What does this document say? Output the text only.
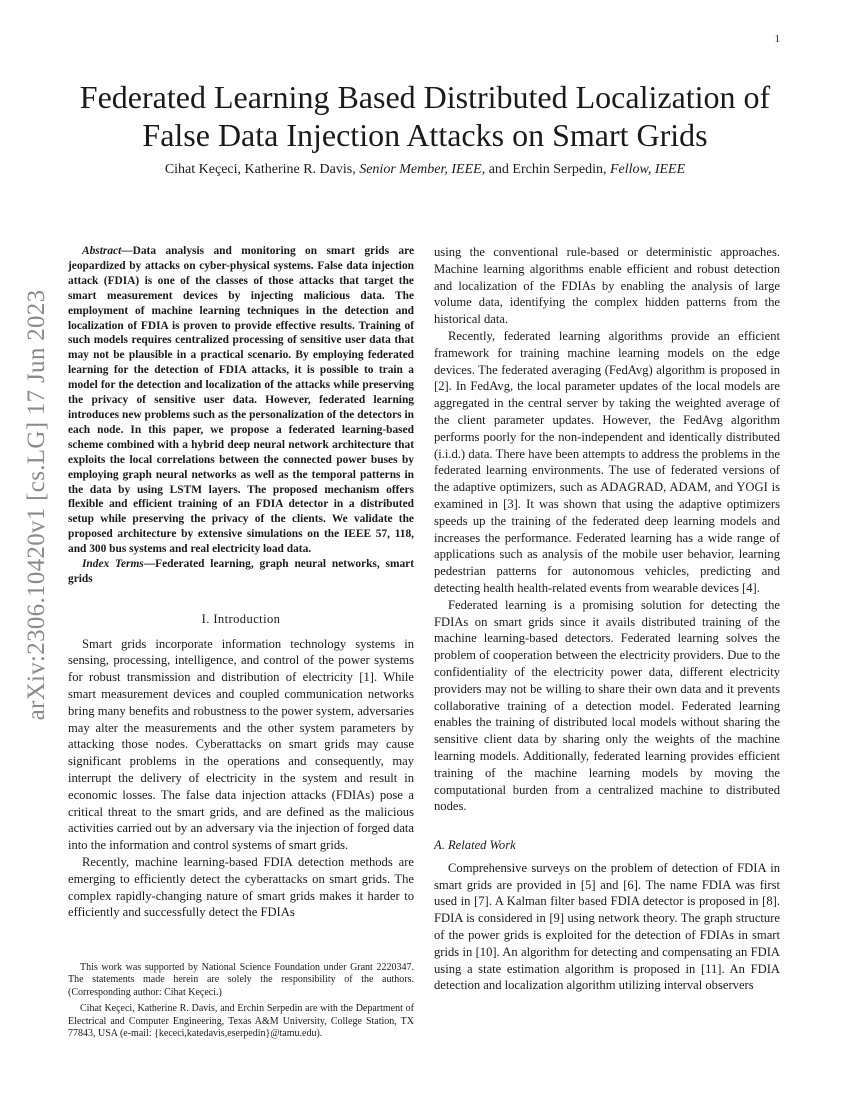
1
arXiv:2306.10420v1 [cs.LG] 17 Jun 2023
Federated Learning Based Distributed Localization of False Data Injection Attacks on Smart Grids
Cihat Keçeci, Katherine R. Davis, Senior Member, IEEE, and Erchin Serpedin, Fellow, IEEE

Abstract—Data analysis and monitoring on smart grids are jeopardized by attacks on cyber-physical systems. False data injection attack (FDIA) is one of the classes of those attacks that target the smart measurement devices by injecting malicious data. The employment of machine learning techniques in the detection and localization of FDIA is proven to provide effective results. Training of such models requires centralized processing of sensitive user data that may not be plausible in a practical scenario. By employing federated learning for the detection of FDIA attacks, it is possible to train a model for the detection and localization of the attacks while preserving the privacy of sensitive user data. However, federated learning introduces new problems such as the personalization of the detectors in each node. In this paper, we propose a federated learning-based scheme combined with a hybrid deep neural network architecture that exploits the local correlations between the connected power buses by employing graph neural networks as well as the temporal patterns in the data by using LSTM layers. The proposed mechanism offers flexible and efficient training of an FDIA detector in a distributed setup while preserving the privacy of the clients. We validate the proposed architecture by extensive simulations on the IEEE 57, 118, and 300 bus systems and real electricity load data.

Index Terms—Federated learning, graph neural networks, smart grids

I. Introduction

Smart grids incorporate information technology systems in sensing, processing, intelligence, and control of the power systems for robust transmission and distribution of electricity [1]. While smart measurement devices and coupled communication networks bring many benefits and robustness to the power system, adversaries may alter the measurements and the other system parameters by attacking those nodes. Cyberattacks on smart grids may cause significant problems in the operations and consequently, may interrupt the delivery of electricity in the system and result in economic losses. The false data injection attacks (FDIAs) pose a critical threat to the smart grids, and are defined as the malicious activities carried out by an adversary via the injection of forged data into the information and control systems of smart grids.

Recently, machine learning-based FDIA detection methods are emerging to efficiently detect the cyberattacks on smart grids. The complex rapidly-changing nature of smart grids makes it harder to efficiently and successfully detect the FDIAs

This work was supported by National Science Foundation under Grant 2220347. The statements made herein are solely the responsibility of the authors. (Corresponding author: Cihat Keçeci.)

Cihat Keçeci, Katherine R. Davis, and Erchin Serpedin are with the Department of Electrical and Computer Engineering, Texas A&M University, College Station, TX 77843, USA (e-mail: {kececi,katedavis,eserpedin}@tamu.edu).

using the conventional rule-based or deterministic approaches. Machine learning algorithms enable efficient and robust detection and localization of the FDIAs by enabling the analysis of large volume data, identifying the complex hidden patterns from the historical data.

Recently, federated learning algorithms provide an efficient framework for training machine learning models on the edge devices. The federated averaging (FedAvg) algorithm is proposed in [2]. In FedAvg, the local parameter updates of the local models are aggregated in the central server by taking the weighted average of the client parameter updates. However, the FedAvg algorithm performs poorly for the non-independent and identically distributed (i.i.d.) data. There have been attempts to address the problems in the federated learning environments. The use of federated versions of the adaptive optimizers, such as ADAGRAD, ADAM, and YOGI is examined in [3]. It was shown that using the adaptive optimizers speeds up the training of the federated deep learning models and increases the performance. Federated learning has a wide range of applications such as analysis of the mobile user behavior, learning pedestrian patterns for autonomous vehicles, predicting and detecting health health-related events from wearable devices [4].

Federated learning is a promising solution for detecting the FDIAs on smart grids since it avails distributed training of the machine learning-based detectors. Federated learning solves the problem of cooperation between the electricity providers. Due to the confidentiality of the electricity power data, different electricity providers may not be willing to share their own data and it prevents collaborative training of a detection model. Federated learning enables the training of distributed local models without sharing the sensitive client data by sharing only the weights of the machine learning models. Additionally, federated learning provides efficient training of the machine learning models by moving the computational burden from a centralized machine to distributed nodes.

A. Related Work

Comprehensive surveys on the problem of detection of FDIA in smart grids are provided in [5] and [6]. The name FDIA was first used in [7]. A Kalman filter based FDIA detector is proposed in [8]. FDIA is considered in [9] using network theory. The graph structure of the power grids is exploited for the detection of FDIAs in smart grids in [10]. An algorithm for detecting and compensating an FDIA using a state estimation algorithm is proposed in [11]. An FDIA detection and localization algorithm utilizing interval observers
